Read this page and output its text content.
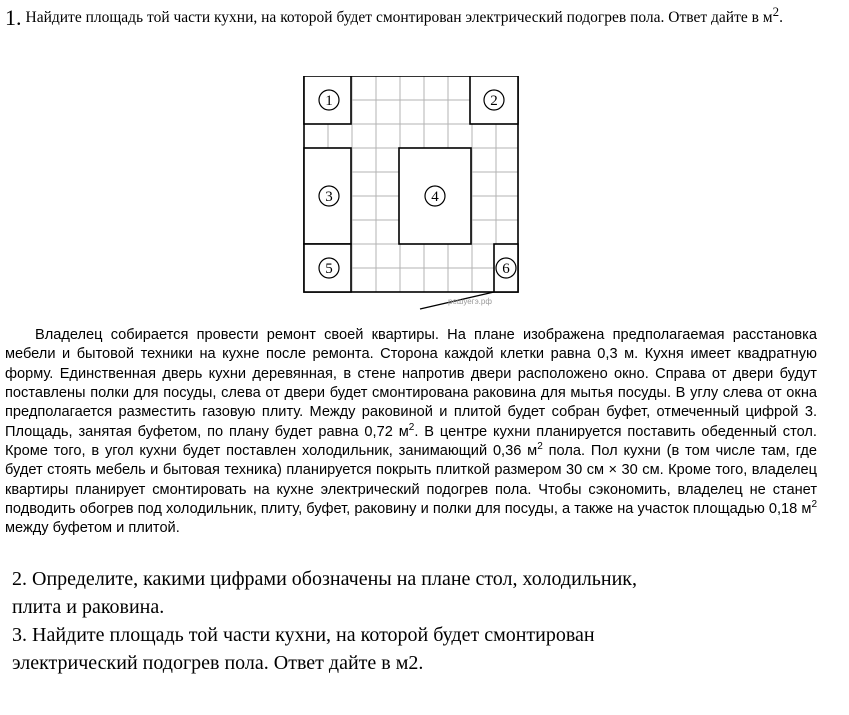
1. Найдите площадь той части кухни, на которой будет смонтирован электрический подогрев пола. Ответ дайте в $м^2$.
1	2
3	4
5	6
решуегэ.рф

Владелец собирается провести ремонт своей квартиры. На плане изображена предполагаемая расстановка мебели и бытовой техники на кухне после ремонта. Сторона каждой клетки равна 0,3 м. Кухня имеет квадратную форму. Единственная дверь кухни деревянная, в стене напротив двери расположено окно. Справа от двери будут поставлены полки для посуды, слева от двери будет смонтирована раковина для мытья посуды. В углу слева от окна предполагается разместить газовую плиту. Между раковиной и плитой будет собран буфет, отмеченный цифрой 3. Площадь, занятая буфетом, по плану будет равна 0,72 $м^2$. В центре кухни планируется поставить обеденный стол. Кроме того, в угол кухни будет поставлен холодильник, занимающий 0,36 $м^2$ пола. Пол кухни (в том числе там, где будет стоять мебель и бытовая техника) планируется покрыть плиткой размером 30 см × 30 см. Кроме того, владелец квартиры планирует смонтировать на кухне электрический подогрев пола. Чтобы сэкономить, владелец не станет подводить обогрев под холодильник, плиту, буфет, раковину и полки для посуды, а также на участок площадью 0,18 $м^2$ между буфетом и плитой.

2. Определите, какими цифрами обозначены на плане стол, холодильник,

плита и раковина.

3. Найдите площадь той части кухни, на которой будет смонтирован

электрический подогрев пола. Ответ дайте в м2.
